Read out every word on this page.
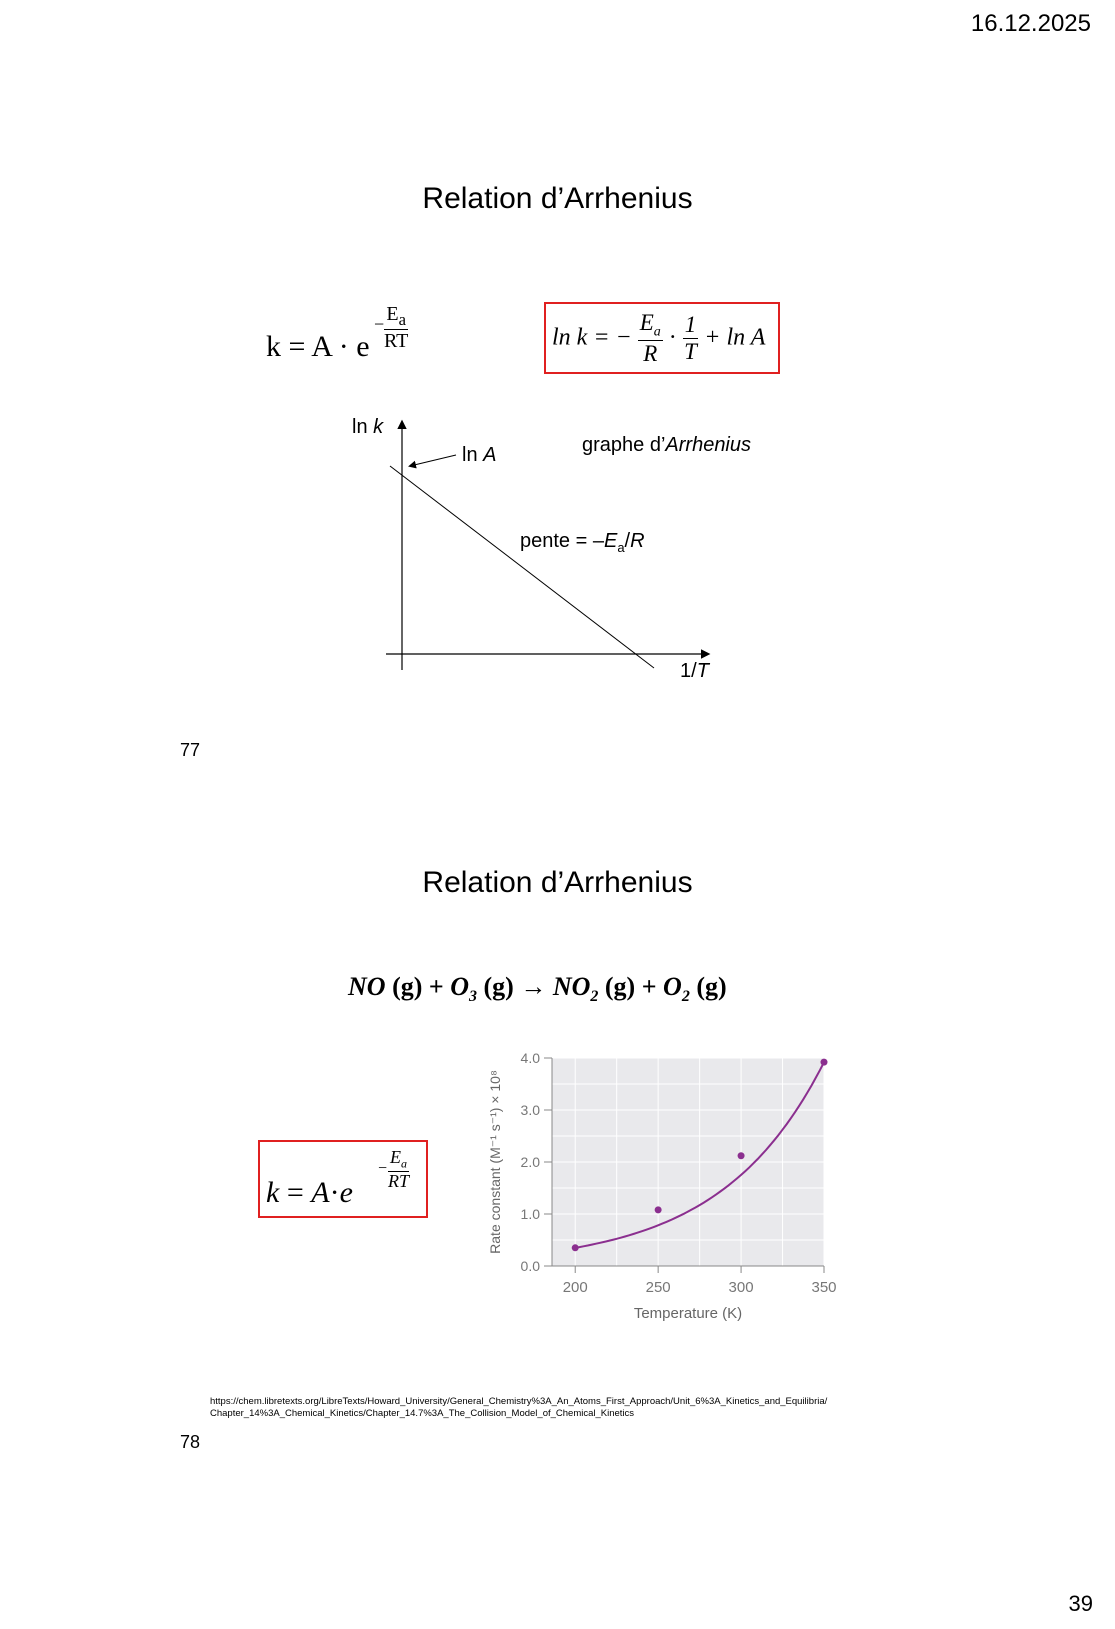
16.12.2025
Relation d’Arrhenius
k = A · e
− $\frac{E_a}{RT}$	ln k = − $\frac{E_a}{R} \cdot \frac{1}{T} + \ln A$
ln k
ln A	graphe d’Arrhenius
pente = $-E_a/R$
1/T
77
Relation d’Arrhenius
NO $(g) + O_3$ $(g) \to NO_2$ $(g) + O_2$ (g)
k = A·e
− $\frac{E_a}{RT}$
0.0
1.0
2.0
3.0
4.0
200	250	300	350
Temperature (K)
Rate constant (M⁻¹ s⁻¹) × 10⁸
https://chem.libretexts.org/LibreTexts/Howard_University/General_Chemistry%3A_An_Atoms_First_Approach/Unit_6%3A_Kinetics_and_Equilibria/
Chapter_14%3A_Chemical_Kinetics/Chapter_14.7%3A_The_Collision_Model_of_Chemical_Kinetics
78
39
